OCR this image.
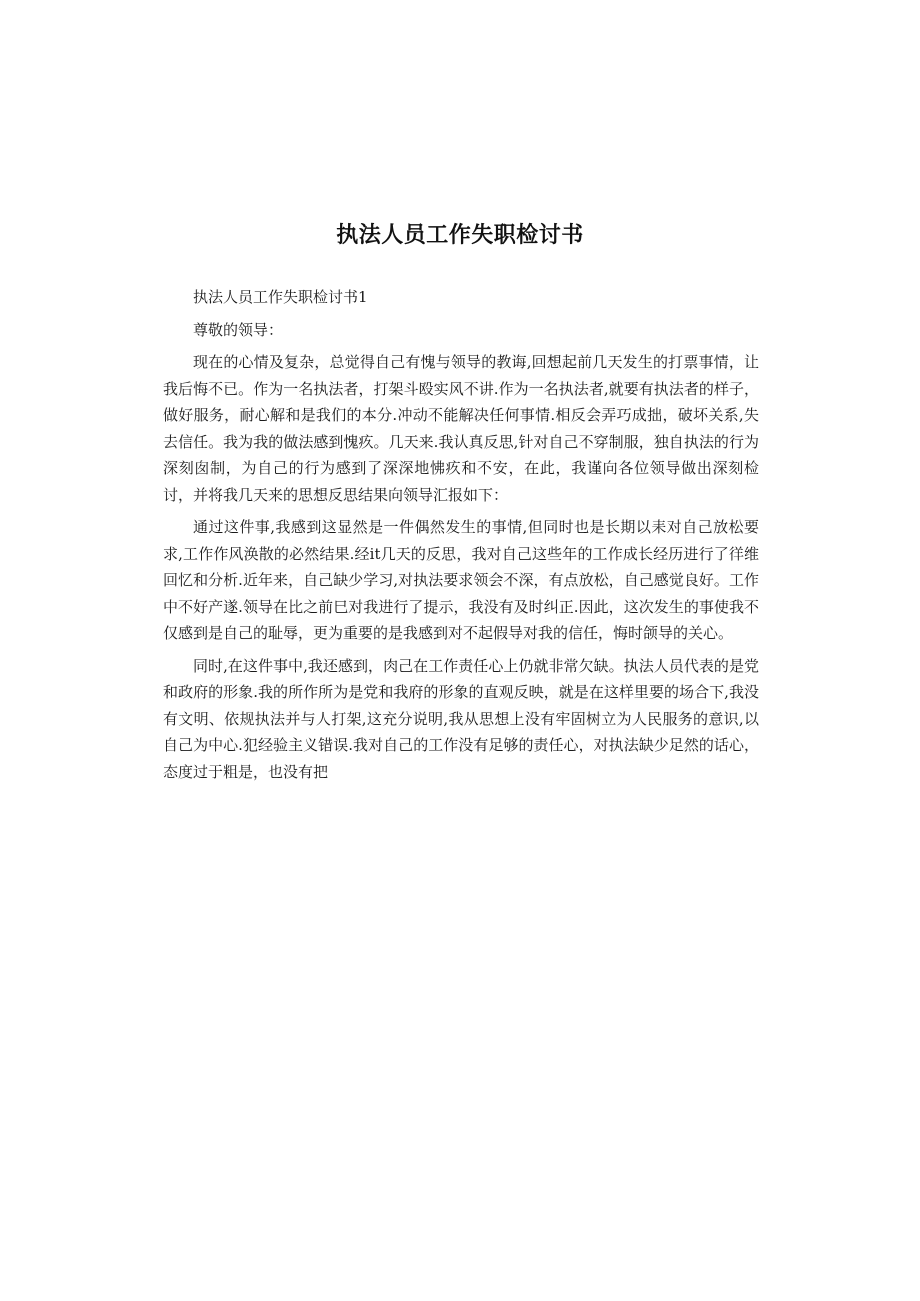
执法人员工作失职检讨书

执法人员工作失职检讨书1

尊敬的领导：

现在的心情及复杂，总觉得自己有愧与领导的教诲,回想起前几天发生的打票事情，让我后悔不已。作为一名执法者，打架斗殴实风不讲.作为一名执法者,就要有执法者的样子，做好服务，耐心解和是我们的本分.冲动不能解决任何事情.相反会弄巧成拙，破坏关系,失去信任。我为我的做法感到愧疚。几天来.我认真反思,针对自己不穿制服，独自执法的行为深刻囱制，为自己的行为感到了深深地怫疚和不安，在此，我谨向各位领导做出深刻检讨，并将我几天来的思想反思结果向领导汇报如下：

通过这件事,我感到这显然是一件偶然发生的事情,但同时也是长期以耒对自己放松要求,工作作风涣散的必然结果.经it几天的反思，我对自己这些年的工作成长经历进行了徉维回忆和分析.近年来，自己缺少学习,对执法要求领会不深，有点放松，自己感觉良好。工作中不好产遂.领导在比之前巳对我进行了提示，我没有及时纠正.因此，这次发生的事使我不仅感到是自己的耻辱，更为重要的是我感到对不起假导对我的信任，悔时颌导的关心。

同时,在这件事中,我还感到，肉己在工作责任心上仍就非常欠缺。执法人员代表的是党和政府的形象.我的所作所为是党和我府的形象的直观反映，就是在这样里要的场合下,我没有文明、依规执法并与人打架,这充分说明,我从思想上没有牢固树立为人民服务的意识,以自己为中心.犯经验主义错误.我对自己的工作没有足够的责任心，对执法缺少足然的话心，态度过于粗是，也没有把
